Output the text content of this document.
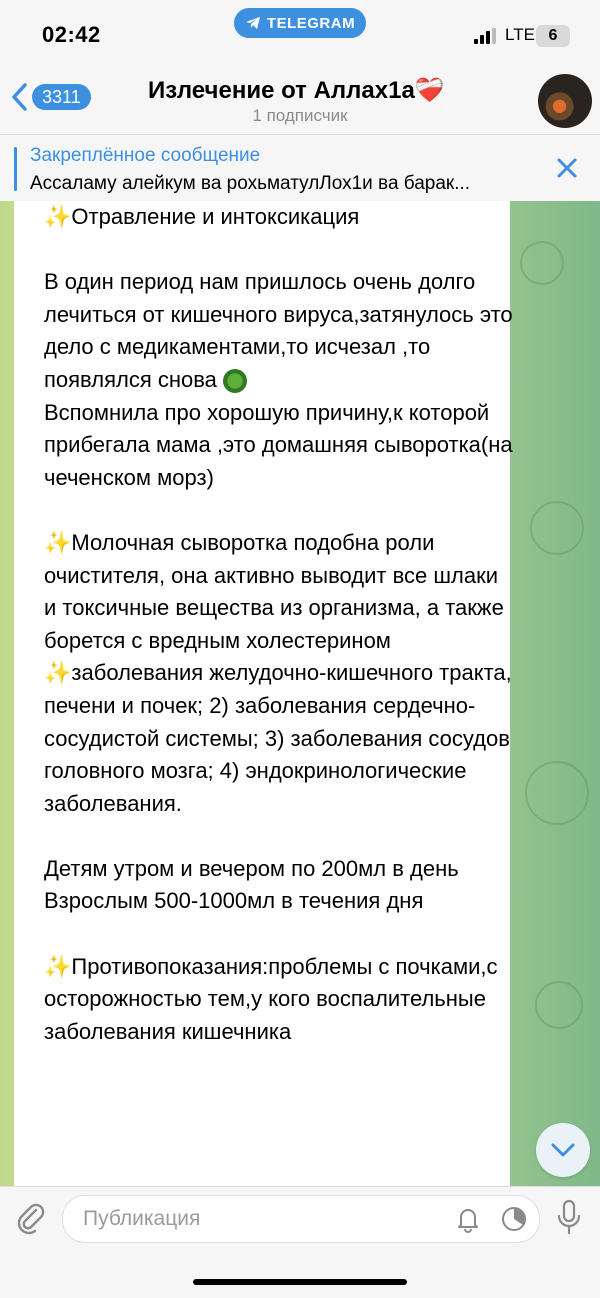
02:42	TELEGRAM
LTE 6
3311	Излечение от Аллах1а❤️‍🩹
1 подписчик
Закреплённое сообщение
Ассаламу алейкум ва рохьматулЛох1и ва барак...
✨Отравление и интоксикация

В один период нам пришлось очень долго лечиться от кишечного вируса,затянулось это дело с медикаментами,то исчезал ,то появлялся снова
Вспомнила про хорошую причину,к которой прибегала мама ,это домашняя сыворотка(на чеченском морз)

✨Молочная сыворотка подобна роли очистителя, она активно выводит все шлаки и токсичные вещества из организма, а также борется с вредным холестерином
✨заболевания желудочно-кишечного тракта, печени и почек; 2) заболевания сердечно-сосудистой системы; 3) заболевания сосудов головного мозга; 4) эндокринологические заболевания.

Детям утром и вечером по 200мл в день
Взрослым 500-1000мл в течения дня

✨Противопоказания:проблемы с почками,с осторожностью тем,у кого воспалительные заболевания кишечника
Публикация
